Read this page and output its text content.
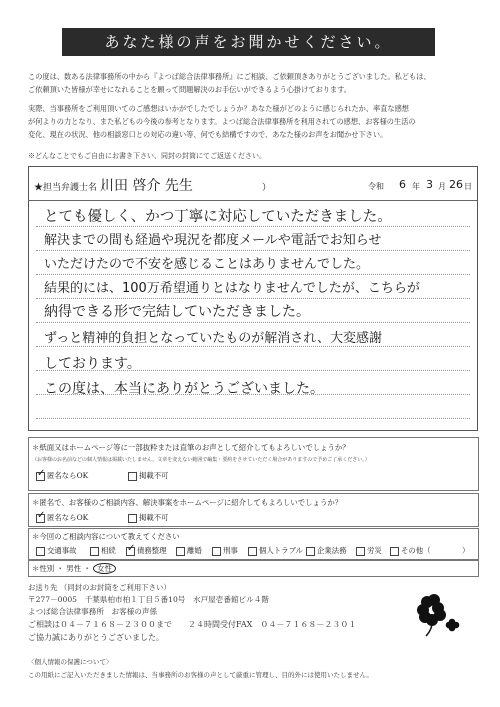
あなた様の声をお聞かせください。
この度は、数ある法律事務所の中から『よつば総合法律事務所』にご相談、ご依頼頂きありがとうございました。私どもは、
ご依頼頂いた皆様が幸せになれることを願って問題解決のお手伝いができるよう心掛けております。
実際、当事務所をご利用頂いてのご感想はいかがでしたでしょうか？あなた様がどのように感じられたか、率直な感想
が何よりの力となり、また私どもの今後の参考となります。よつば総合法律事務所を利用されての感想、お客様の生活の
変化、現在の状況、他の相談窓口との対応の違い等、何でも結構ですので、あなた様のお声をお聞かせ下さい。
※どんなことでもご自由にお書き下さい、同封の封筒にてご返送ください。
★担当弁護士名（
川田 啓介 先生	）	令和 6 年 3 月 26 日
とても優しく、かつ丁寧に対応していただきました。
解決までの間も経過や現況を都度メールや電話でお知らせ
いただけたので不安を感じることはありませんでした。
結果的には、100万希望通りとはなりませんでしたが、こちらが
納得できる形で完結していただきました。
ずっと精神的負担となっていたものが解消され、大変感謝
しております。
この度は、本当にありがとうございました。
＊紙面又はホームページ等に一部抜粋または直筆のお声として紹介してもよろしいでしょうか？
（お客様のお名前などの個人情報は掲載いたしません。文章を変えない範囲で編集・要約をさせていただく場合がありますので予めご了承ください。）
✓ 匿名ならOK	掲載不可
＊匿名で、お客様のご相談内容、解決事案をホームページに紹介してもよろしいでしょうか？
✓ 匿名ならOK	掲載不可
＊今回のご相談内容について教えてください
交通事故	相続 ✓ 債務整理	離婚	刑事	個人トラブル	企業法務	労災	その他（	）
＊性別 ・ 男性 ・ 女性
お送り先 （同封のお封筒をご利用下さい）
〒277－0005　千葉県柏市柏１丁目５番10号　水戸屋壱番館ビル４階
よつば総合法律事務所　お客様の声係
ご相談は０４－７１６８－２３００まで　　２４時間受付FAX　０４－７１６８－２３０１
ご協力誠にありがとうございました。
〈個人情報の保護について〉
この用紙にご記入いただきました情報は、当事務所のお客様の声として厳重に管理し、目的外には使用いたしません。
